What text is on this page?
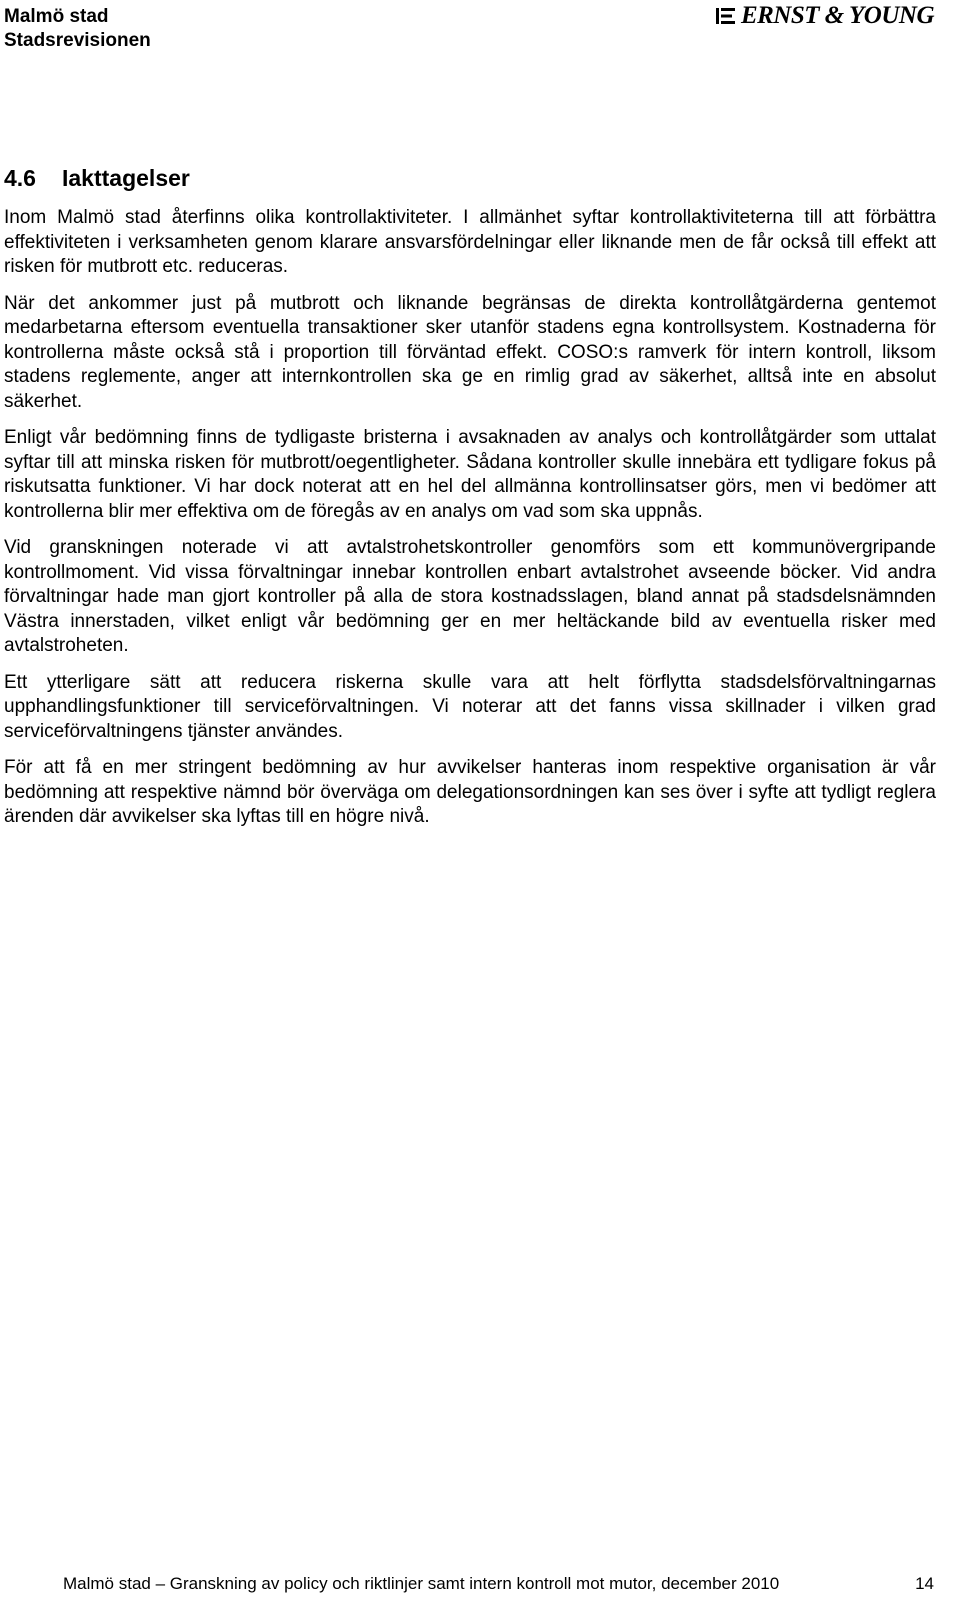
Malmö stad
Stadsrevisionen
ERNST & YOUNG
4.6 Iakttagelser

Inom Malmö stad återfinns olika kontrollaktiviteter. I allmänhet syftar kontrollaktiviteterna till att förbättra effektiviteten i verksamheten genom klarare ansvarsfördelningar eller liknande men de får också till effekt att risken för mutbrott etc. reduceras.

När det ankommer just på mutbrott och liknande begränsas de direkta kontrollåtgärderna gentemot medarbetarna eftersom eventuella transaktioner sker utanför stadens egna kontrollsystem. Kostnaderna för kontrollerna måste också stå i proportion till förväntad effekt. COSO:s ramverk för intern kontroll, liksom stadens reglemente, anger att internkontrollen ska ge en rimlig grad av säkerhet, alltså inte en absolut säkerhet.

Enligt vår bedömning finns de tydligaste bristerna i avsaknaden av analys och kontrollåtgärder som uttalat syftar till att minska risken för mutbrott/oegentligheter. Sådana kontroller skulle innebära ett tydligare fokus på riskutsatta funktioner. Vi har dock noterat att en hel del allmänna kontrollinsatser görs, men vi bedömer att kontrollerna blir mer effektiva om de föregås av en analys om vad som ska uppnås.

Vid granskningen noterade vi att avtalstrohetskontroller genomförs som ett kommunövergripande kontrollmoment. Vid vissa förvaltningar innebar kontrollen enbart avtalstrohet avseende böcker. Vid andra förvaltningar hade man gjort kontroller på alla de stora kostnadsslagen, bland annat på stadsdelsnämnden Västra innerstaden, vilket enligt vår bedömning ger en mer heltäckande bild av eventuella risker med avtalstroheten.

Ett ytterligare sätt att reducera riskerna skulle vara att helt förflytta stadsdelsförvaltningarnas upphandlingsfunktioner till serviceförvaltningen. Vi noterar att det fanns vissa skillnader i vilken grad serviceförvaltningens tjänster användes.

För att få en mer stringent bedömning av hur avvikelser hanteras inom respektive organisation är vår bedömning att respektive nämnd bör överväga om delegationsordningen kan ses över i syfte att tydligt reglera ärenden där avvikelser ska lyftas till en högre nivå.

Malmö stad – Granskning av policy och riktlinjer samt intern kontroll mot mutor, december 2010	14
